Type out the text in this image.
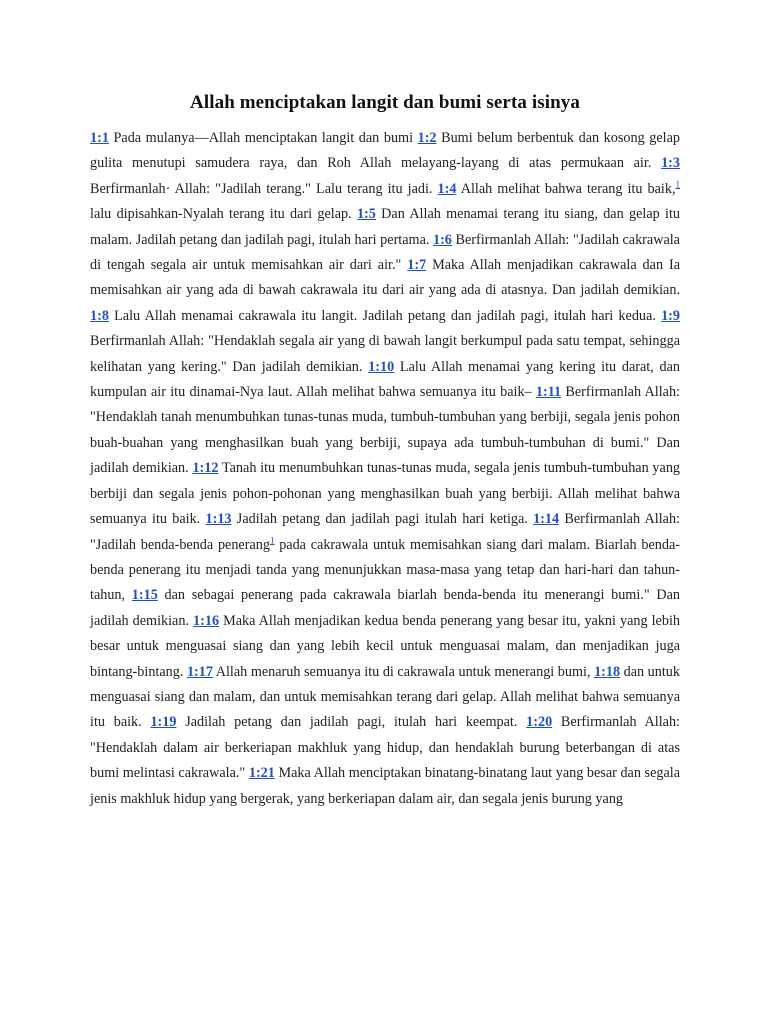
Allah menciptakan langit dan bumi serta isinya

1:1 Pada mulanya—Allah menciptakan langit dan bumi 1:2 Bumi belum berbentuk dan kosong gelap gulita menutupi samudera raya, dan Roh Allah melayang-layang di atas permukaan air. 1:3 Berfirmanlah· Allah: "Jadilah terang." Lalu terang itu jadi. 1:4 Allah melihat bahwa terang itu baik,$^1$ lalu dipisahkan-Nyalah terang itu dari gelap. 1:5 Dan Allah menamai terang itu siang, dan gelap itu malam. Jadilah petang dan jadilah pagi, itulah hari pertama. 1:6 Berfirmanlah Allah: "Jadilah cakrawala di tengah segala air untuk memisahkan air dari air." 1:7 Maka Allah menjadikan cakrawala dan Ia memisahkan air yang ada di bawah cakrawala itu dari air yang ada di atasnya. Dan jadilah demikian. 1:8 Lalu Allah menamai cakrawala itu langit. Jadilah petang dan jadilah pagi, itulah hari kedua. 1:9 Berfirmanlah Allah: "Hendaklah segala air yang di bawah langit berkumpul pada satu tempat, sehingga kelihatan yang kering." Dan jadilah demikian. 1:10 Lalu Allah menamai yang kering itu darat, dan kumpulan air itu dinamai-Nya laut. Allah melihat bahwa semuanya itu baik– 1:11 Berfirmanlah Allah: "Hendaklah tanah menumbuhkan tunas-tunas muda, tumbuh-tumbuhan yang berbiji, segala jenis pohon buah-buahan yang menghasilkan buah yang berbiji, supaya ada tumbuh-tumbuhan di bumi." Dan jadilah demikian. 1:12 Tanah itu menumbuhkan tunas-tunas muda, segala jenis tumbuh-tumbuhan yang berbiji dan segala jenis pohon-pohonan yang menghasilkan buah yang berbiji. Allah melihat bahwa semuanya itu baik. 1:13 Jadilah petang dan jadilah pagi itulah hari ketiga. 1:14 Berfirmanlah Allah: "Jadilah benda-benda penerang$^1$ pada cakrawala untuk memisahkan siang dari malam. Biarlah benda-benda penerang itu menjadi tanda yang menunjukkan masa-masa yang tetap dan hari-hari dan tahun-tahun, 1:15 dan sebagai penerang pada cakrawala biarlah benda-benda itu menerangi bumi." Dan jadilah demikian. 1:16 Maka Allah menjadikan kedua benda penerang yang besar itu, yakni yang lebih besar untuk menguasai siang dan yang lebih kecil untuk menguasai malam, dan menjadikan juga bintang-bintang. 1:17 Allah menaruh semuanya itu di cakrawala untuk menerangi bumi, 1:18 dan untuk menguasai siang dan malam, dan untuk memisahkan terang dari gelap. Allah melihat bahwa semuanya itu baik. 1:19 Jadilah petang dan jadilah pagi, itulah hari keempat. 1:20 Berfirmanlah Allah: "Hendaklah dalam air berkeriapan makhluk yang hidup, dan hendaklah burung beterbangan di atas bumi melintasi cakrawala." 1:21 Maka Allah menciptakan binatang-binatang laut yang besar dan segala jenis makhluk hidup yang bergerak, yang berkeriapan dalam air, dan segala jenis burung yang
